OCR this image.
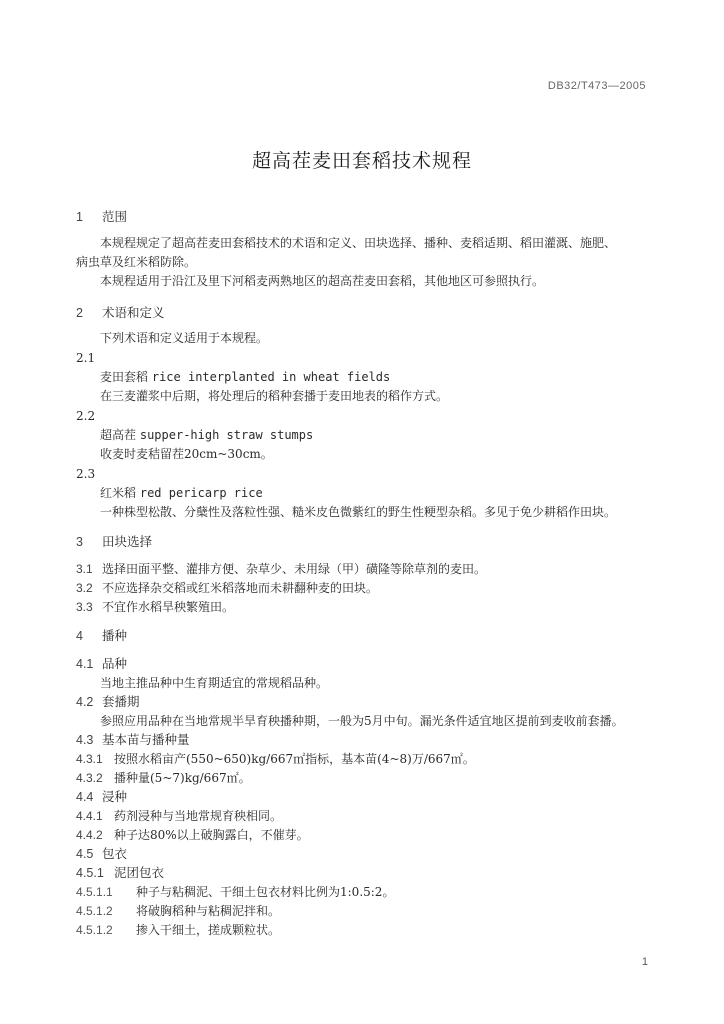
DB32/T473—2005
超高茬麦田套稻技术规程
1 范围
本规程规定了超高茬麦田套稻技术的术语和定义、田块选择、播种、麦稻适期、稻田灌溉、施肥、
病虫草及红米稻防除。
本规程适用于沿江及里下河稻麦两熟地区的超高茬麦田套稻，其他地区可参照执行。
2 术语和定义
下列术语和定义适用于本规程。
2.1
麦田套稻 rice interplanted in wheat fields
在三麦灌浆中后期，将处理后的稻种套播于麦田地表的稻作方式。
2.2
超高茬 supper-high straw stumps
收麦时麦秸留茬20cm~30cm。
2.3
红米稻 red pericarp rice
一种株型松散、分蘖性及落粒性强、糙米皮色微紫红的野生性粳型杂稻。多见于免少耕稻作田块。
3 田块选择
3.1 选择田面平整、灌排方便、杂草少、未用绿（甲）磺隆等除草剂的麦田。
3.2 不应选择杂交稻或红米稻落地而未耕翻种麦的田块。
3.3 不宜作水稻旱秧繁殖田。
4 播种
4.1 品种
当地主推品种中生育期适宜的常规稻品种。
4.2 套播期
参照应用品种在当地常规半旱育秧播种期，一般为5月中旬。漏光条件适宜地区提前到麦收前套播。
4.3 基本苗与播种量
4.3.1 按照水稻亩产(550~650)kg/667㎡指标，基本苗(4~8)万/667㎡。
4.3.2 播种量(5~7)kg/667㎡。
4.4 浸种
4.4.1 药剂浸种与当地常规育秧相同。
4.4.2 种子达80%以上破胸露白，不催芽。
4.5 包衣
4.5.1 泥团包衣
4.5.1.1 种子与粘稠泥、干细土包衣材料比例为1:0.5:2。
4.5.1.2 将破胸稻种与粘稠泥拌和。
4.5.1.2 掺入干细土，搓成颗粒状。
1
